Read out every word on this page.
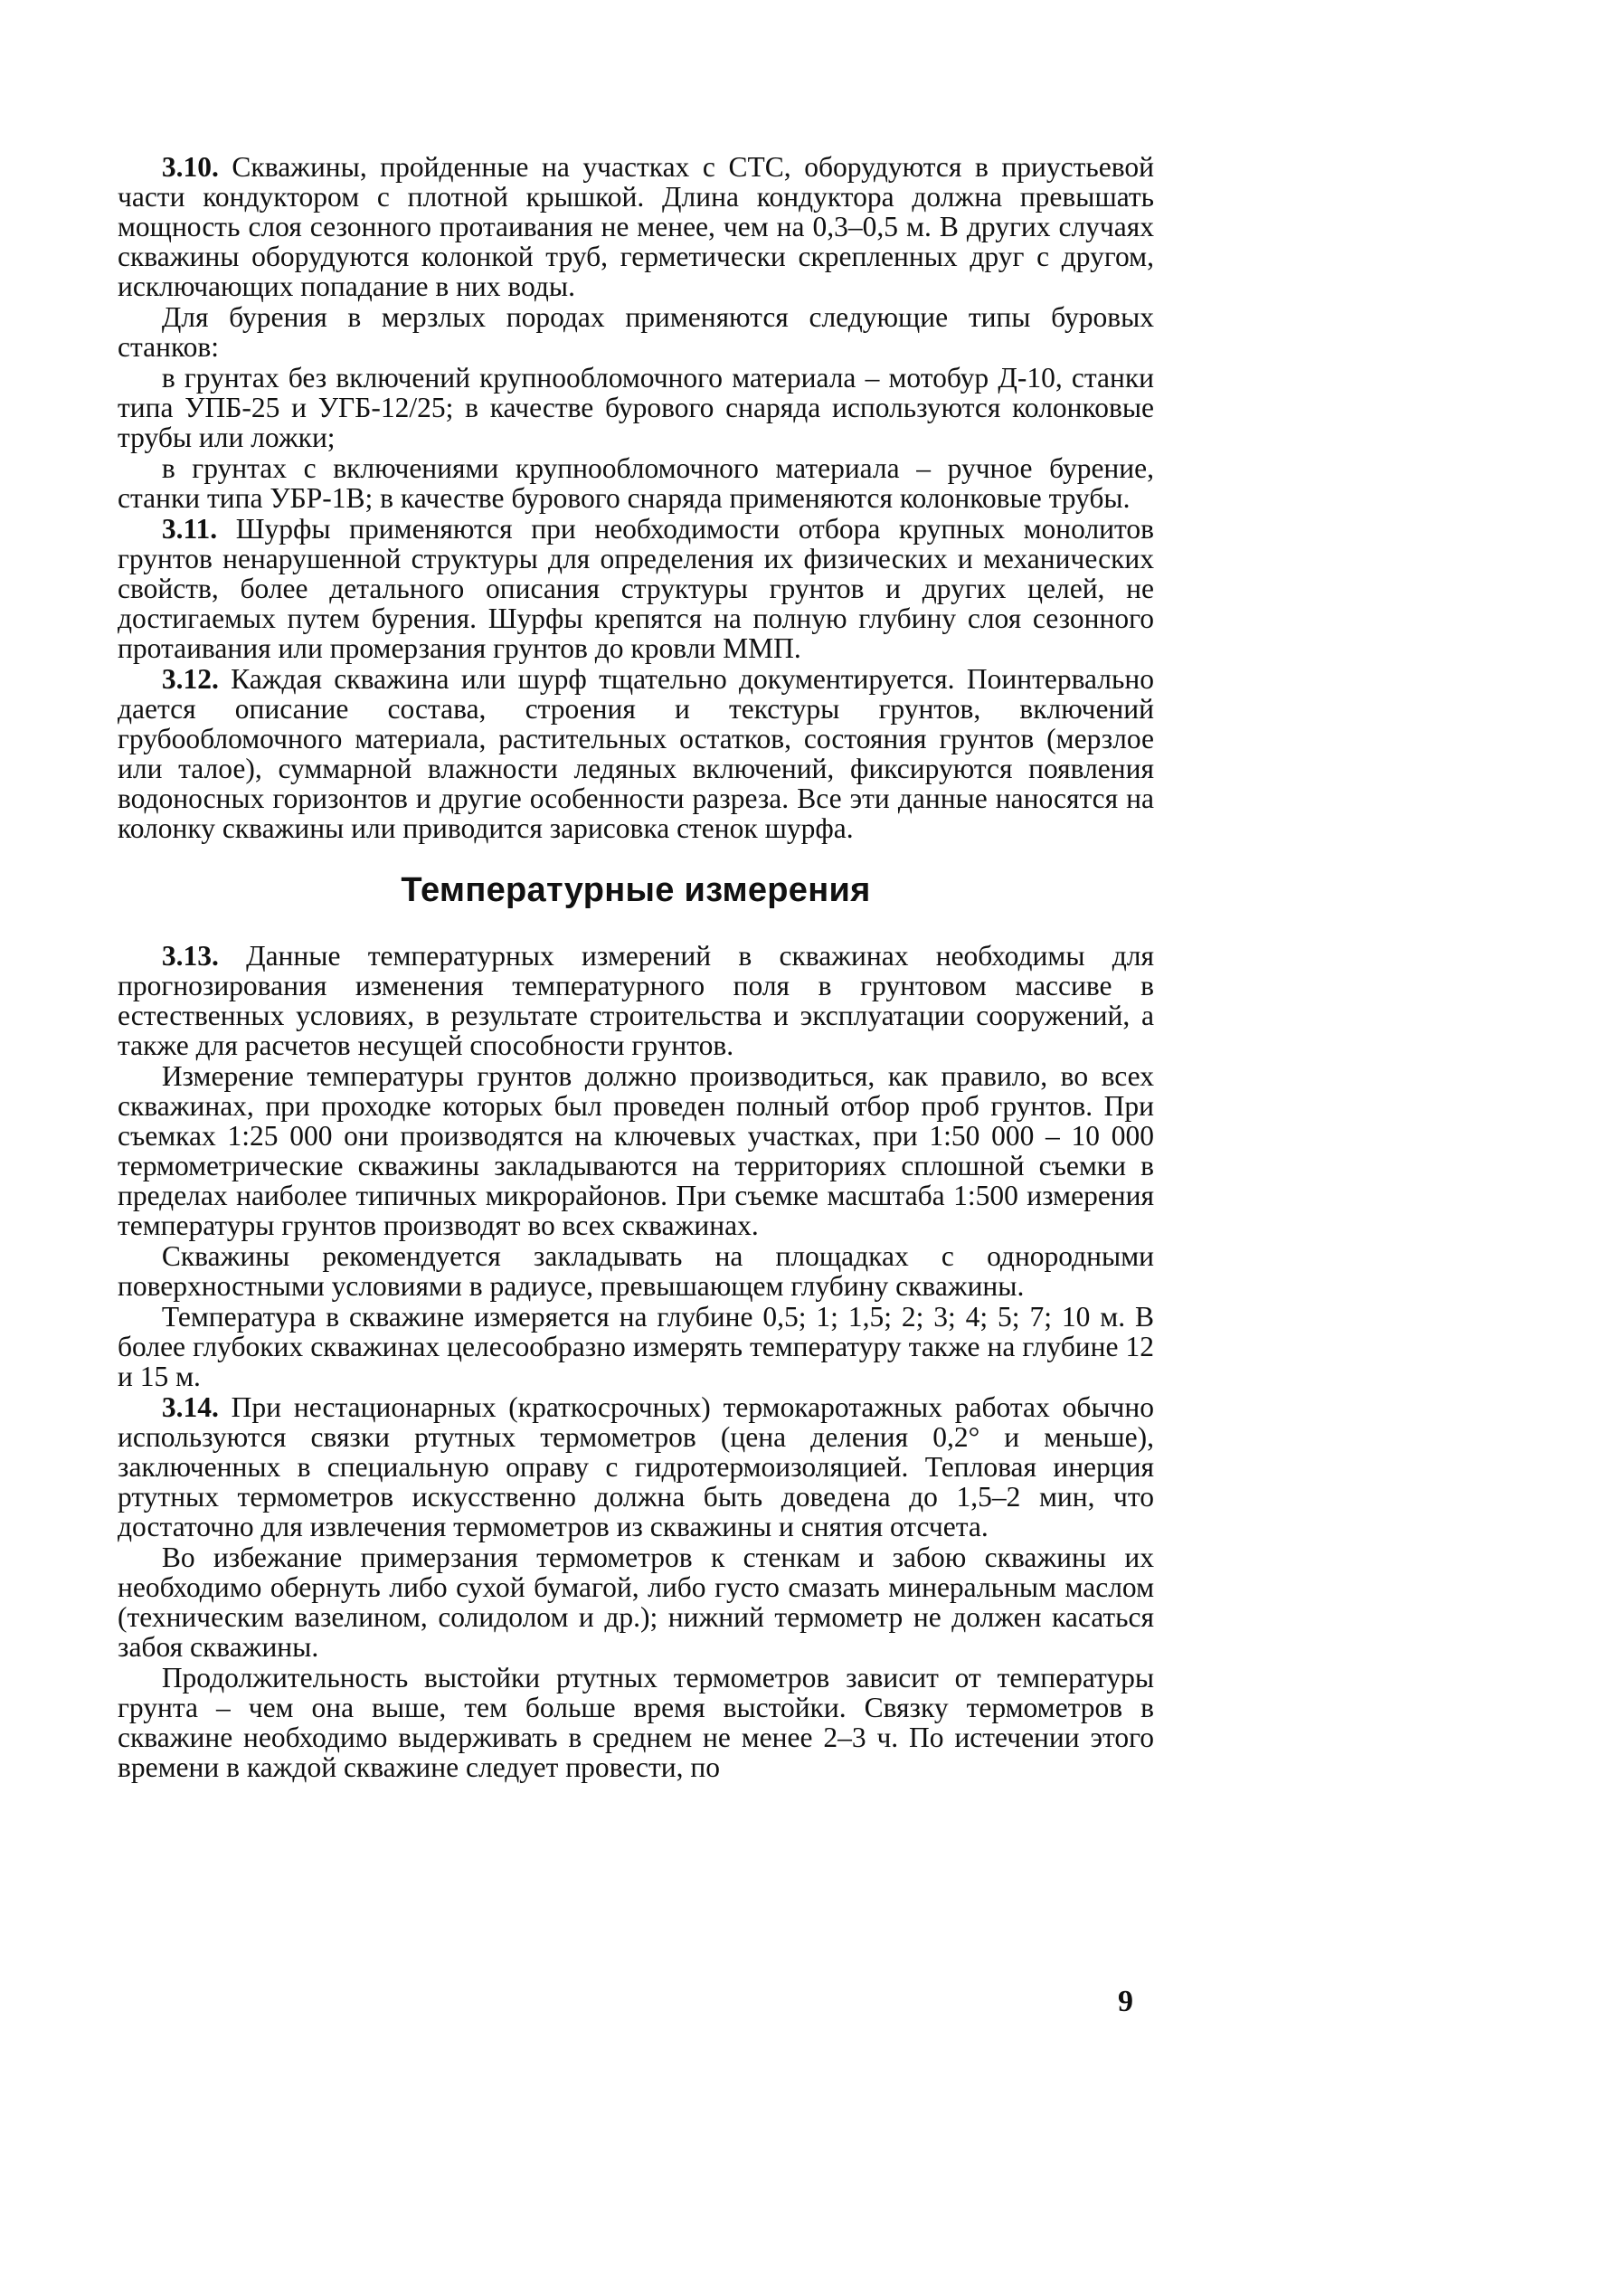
3.10. Скважины, пройденные на участках с СТС, оборудуются в приустьевой части кондуктором с плотной крышкой. Длина кондуктора должна превышать мощность слоя сезонного протаивания не менее, чем на 0,3–0,5 м. В других случаях скважины оборудуются колонкой труб, герметически скрепленных друг с другом, исключающих попадание в них воды.

Для бурения в мерзлых породах применяются следующие типы буровых станков:

в грунтах без включений крупнообломочного материала – мотобур Д-10, станки типа УПБ-25 и УГБ-12/25; в качестве бурового снаряда используются колонковые трубы или ложки;

в грунтах с включениями крупнообломочного материала – ручное бурение, станки типа УБР-1В; в качестве бурового снаряда применяются колонковые трубы.

3.11. Шурфы применяются при необходимости отбора крупных монолитов грунтов ненарушенной структуры для определения их физических и механических свойств, более детального описания структуры грунтов и других целей, не достигаемых путем бурения. Шурфы крепятся на полную глубину слоя сезонного протаивания или промерзания грунтов до кровли ММП.

3.12. Каждая скважина или шурф тщательно документируется. Поинтервально дается описание состава, строения и текстуры грунтов, включений грубообломочного материала, растительных остатков, состояния грунтов (мерзлое или талое), суммарной влажности ледяных включений, фиксируются появления водоносных горизонтов и другие особенности разреза. Все эти данные наносятся на колонку скважины или приводится зарисовка стенок шурфа.

Температурные измерения

3.13. Данные температурных измерений в скважинах необходимы для прогнозирования изменения температурного поля в грунтовом массиве в естественных условиях, в результате строительства и эксплуатации сооружений, а также для расчетов несущей способности грунтов.

Измерение температуры грунтов должно производиться, как правило, во всех скважинах, при проходке которых был проведен полный отбор проб грунтов. При съемках 1:25 000 они производятся на ключевых участках, при 1:50 000 – 10 000 термометрические скважины закладываются на территориях сплошной съемки в пределах наиболее типичных микрорайонов. При съемке масштаба 1:500 измерения температуры грунтов производят во всех скважинах.

Скважины рекомендуется закладывать на площадках с однородными поверхностными условиями в радиусе, превышающем глубину скважины.

Температура в скважине измеряется на глубине 0,5; 1; 1,5; 2; 3; 4; 5; 7; 10 м. В более глубоких скважинах целесообразно измерять температуру также на глубине 12 и 15 м.

3.14. При нестационарных (краткосрочных) термокаротажных работах обычно используются связки ртутных термометров (цена деления 0,2° и меньше), заключенных в специальную оправу с гидротермоизоляцией. Тепловая инерция ртутных термометров искусственно должна быть доведена до 1,5–2 мин, что достаточно для извлечения термометров из скважины и снятия отсчета.

Во избежание примерзания термометров к стенкам и забою скважины их необходимо обернуть либо сухой бумагой, либо густо смазать минеральным маслом (техническим вазелином, солидолом и др.); нижний термометр не должен касаться забоя скважины.

Продолжительность выстойки ртутных термометров зависит от температуры грунта – чем она выше, тем больше время выстойки. Связку термометров в скважине необходимо выдерживать в среднем не менее 2–3 ч. По истечении этого времени в каждой скважине следует провести, по

9
